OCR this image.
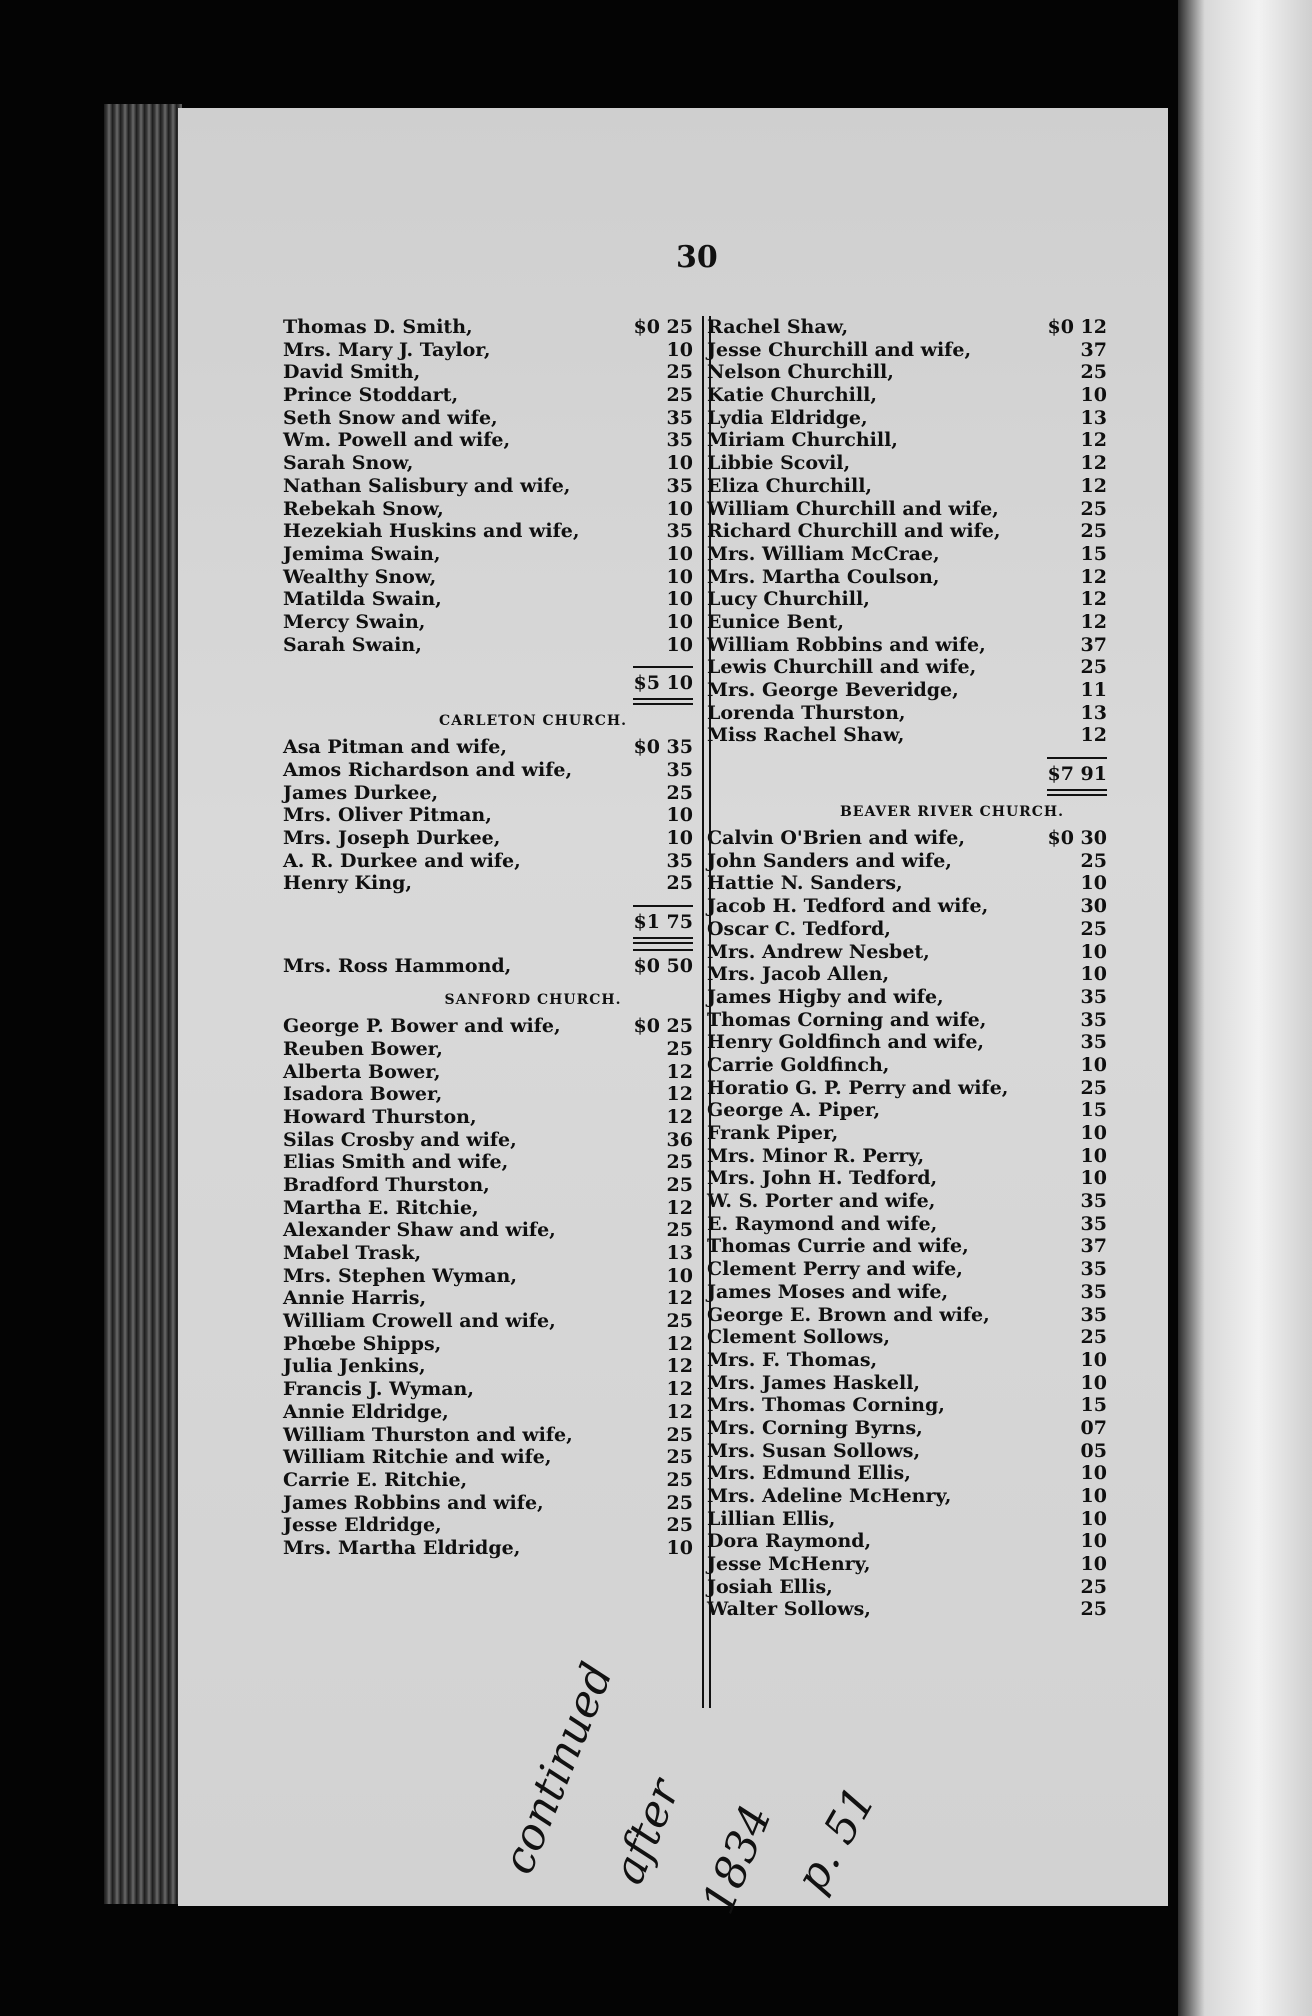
30
Thomas D. Smith,	$0 25
Mrs. Mary J. Taylor,	10
David Smith,	25
Prince Stoddart,	25
Seth Snow and wife,	35
Wm. Powell and wife,	35
Sarah Snow,	10
Nathan Salisbury and wife,	35
Rebekah Snow,	10
Hezekiah Huskins and wife,	35
Jemima Swain,	10
Wealthy Snow,	10
Matilda Swain,	10
Mercy Swain,	10
Sarah Swain,	10
$5 10
CARLETON CHURCH.
Asa Pitman and wife,	$0 35
Amos Richardson and wife,	35
James Durkee,	25
Mrs. Oliver Pitman,	10
Mrs. Joseph Durkee,	10
A. R. Durkee and wife,	35
Henry King,	25
$1 75
Mrs. Ross Hammond,	$0 50
SANFORD CHURCH.
George P. Bower and wife,	$0 25
Reuben Bower,	25
Alberta Bower,	12
Isadora Bower,	12
Howard Thurston,	12
Silas Crosby and wife,	36
Elias Smith and wife,	25
Bradford Thurston,	25
Martha E. Ritchie,	12
Alexander Shaw and wife,	25
Mabel Trask,	13
Mrs. Stephen Wyman,	10
Annie Harris,	12
William Crowell and wife,	25
Phœbe Shipps,	12
Julia Jenkins,	12
Francis J. Wyman,	12
Annie Eldridge,	12
William Thurston and wife,	25
William Ritchie and wife,	25
Carrie E. Ritchie,	25
James Robbins and wife,	25
Jesse Eldridge,	25
Mrs. Martha Eldridge,	10
Rachel Shaw,	$0 12
Jesse Churchill and wife,	37
Nelson Churchill,	25
Katie Churchill,	10
Lydia Eldridge,	13
Miriam Churchill,	12
Libbie Scovil,	12
Eliza Churchill,	12
William Churchill and wife,	25
Richard Churchill and wife,	25
Mrs. William McCrae,	15
Mrs. Martha Coulson,	12
Lucy Churchill,	12
Eunice Bent,	12
William Robbins and wife,	37
Lewis Churchill and wife,	25
Mrs. George Beveridge,	11
Lorenda Thurston,	13
Miss Rachel Shaw,	12
$7 91
BEAVER RIVER CHURCH.
Calvin O'Brien and wife,	$0 30
John Sanders and wife,	25
Hattie N. Sanders,	10
Jacob H. Tedford and wife,	30
Oscar C. Tedford,	25
Mrs. Andrew Nesbet,	10
Mrs. Jacob Allen,	10
James Higby and wife,	35
Thomas Corning and wife,	35
Henry Goldfinch and wife,	35
Carrie Goldfinch,	10
Horatio G. P. Perry and wife,	25
George A. Piper,	15
Frank Piper,	10
Mrs. Minor R. Perry,	10
Mrs. John H. Tedford,	10
W. S. Porter and wife,	35
E. Raymond and wife,	35
Thomas Currie and wife,	37
Clement Perry and wife,	35
James Moses and wife,	35
George E. Brown and wife,	35
Clement Sollows,	25
Mrs. F. Thomas,	10
Mrs. James Haskell,	10
Mrs. Thomas Corning,	15
Mrs. Corning Byrns,	07
Mrs. Susan Sollows,	05
Mrs. Edmund Ellis,	10
Mrs. Adeline McHenry,	10
Lillian Ellis,	10
Dora Raymond,	10
Jesse McHenry,	10
Josiah Ellis,	25
Walter Sollows,	25
continued
after 1834 p. 51
